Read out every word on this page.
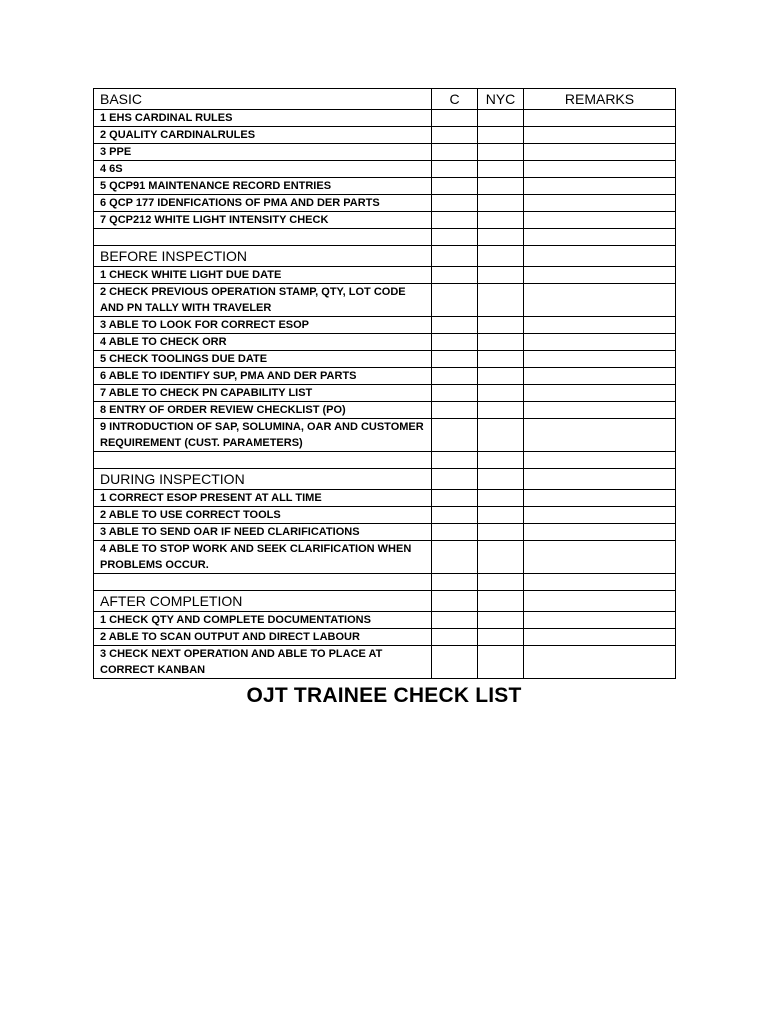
BASIC	C	NYC	REMARKS
1 EHS CARDINAL RULES			
2 QUALITY CARDINALRULES			
3 PPE			
4 6S			
5 QCP91 MAINTENANCE RECORD ENTRIES			
6 QCP 177 IDENFICATIONS OF PMA AND DER PARTS			
7 QCP212 WHITE LIGHT INTENSITY CHECK			

BEFORE INSPECTION			
1 CHECK WHITE LIGHT DUE DATE			
2 CHECK PREVIOUS OPERATION STAMP, QTY, LOT CODE AND PN TALLY WITH TRAVELER			
3 ABLE TO LOOK FOR CORRECT ESOP			
4 ABLE TO CHECK ORR			
5 CHECK TOOLINGS DUE DATE			
6 ABLE TO IDENTIFY SUP, PMA AND DER PARTS			
7 ABLE TO CHECK PN CAPABILITY LIST			
8 ENTRY OF ORDER REVIEW CHECKLIST (PO)			
9 INTRODUCTION OF SAP, SOLUMINA, OAR AND CUSTOMER REQUIREMENT (CUST. PARAMETERS)			

DURING INSPECTION			
1 CORRECT ESOP PRESENT AT ALL TIME			
2 ABLE TO USE CORRECT TOOLS			
3 ABLE TO SEND OAR IF NEED CLARIFICATIONS			
4 ABLE TO STOP WORK AND SEEK CLARIFICATION WHEN PROBLEMS OCCUR.			

AFTER COMPLETION			
1 CHECK QTY AND COMPLETE DOCUMENTATIONS			
2 ABLE TO SCAN OUTPUT AND DIRECT LABOUR			
3 CHECK NEXT OPERATION AND ABLE TO PLACE AT CORRECT KANBAN			
OJT TRAINEE CHECK LIST
